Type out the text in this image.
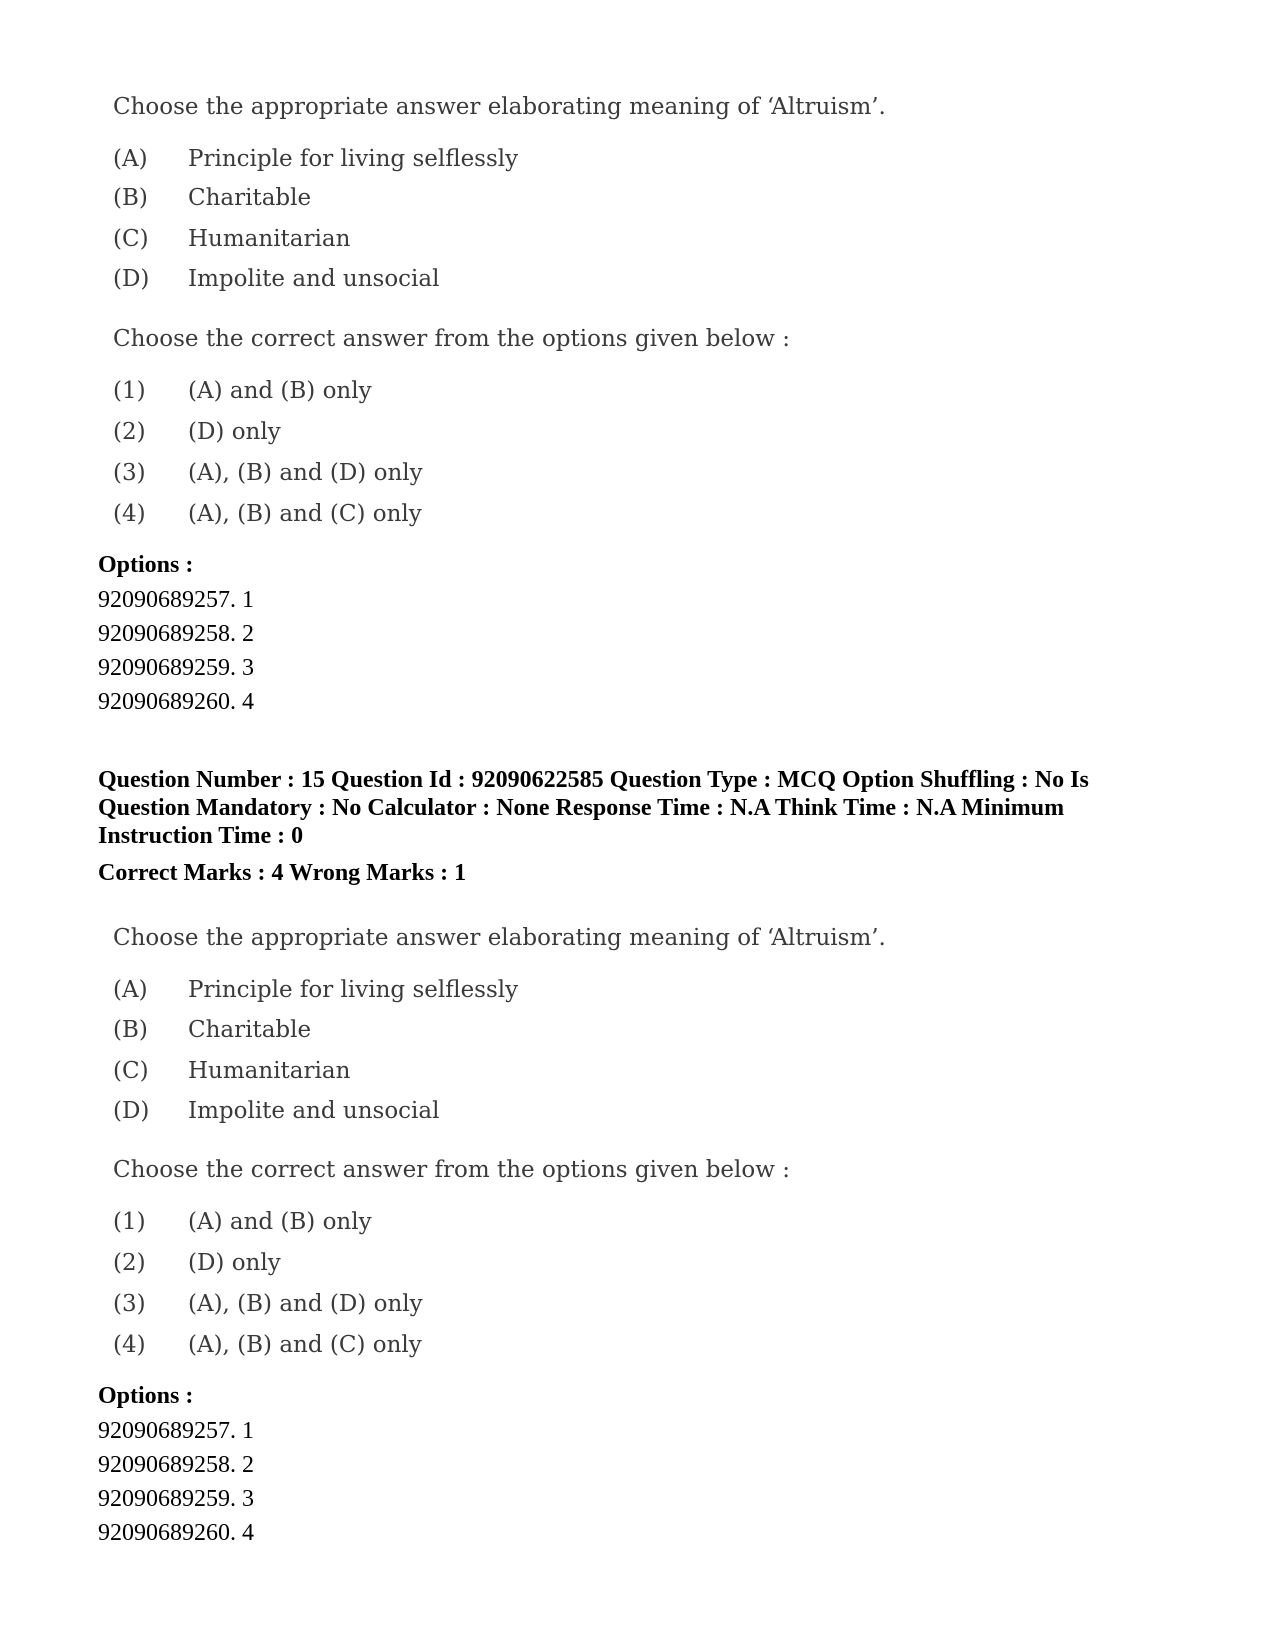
Choose the appropriate answer elaborating meaning of ‘Altruism’.
(A) Principle for living selflessly
(B) Charitable
(C) Humanitarian
(D) Impolite and unsocial
Choose the correct answer from the options given below :
(1) (A) and (B) only
(2) (D) only
(3) (A), (B) and (D) only
(4) (A), (B) and (C) only
Options :
92090689257. 1
92090689258. 2
92090689259. 3
92090689260. 4
Question Number : 15 Question Id : 92090622585 Question Type : MCQ Option Shuffling : No Is Question Mandatory : No Calculator : None Response Time : N.A Think Time : N.A Minimum Instruction Time : 0
Correct Marks : 4 Wrong Marks : 1
Choose the appropriate answer elaborating meaning of ‘Altruism’.
(A) Principle for living selflessly
(B) Charitable
(C) Humanitarian
(D) Impolite and unsocial
Choose the correct answer from the options given below :
(1) (A) and (B) only
(2) (D) only
(3) (A), (B) and (D) only
(4) (A), (B) and (C) only
Options :
92090689257. 1
92090689258. 2
92090689259. 3
92090689260. 4
